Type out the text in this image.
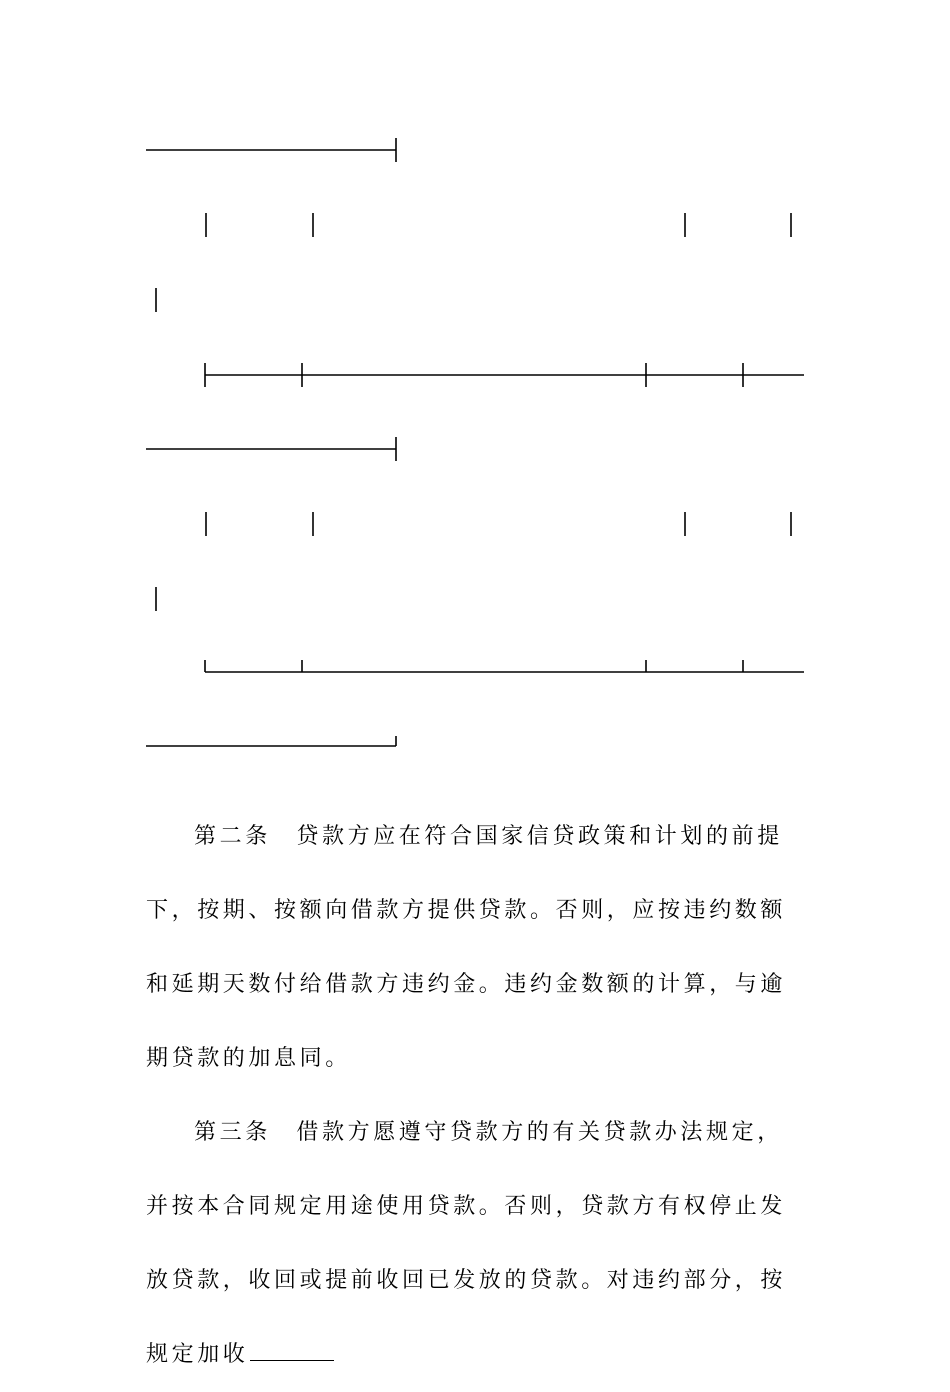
第二条　贷款方应在符合国家信贷政策和计划的前提下，按期、按额向借款方提供贷款。否则，应按违约数额和延期天数付给借款方违约金。违约金数额的计算，与逾期贷款的加息同。

第三条　借款方愿遵守贷款方的有关贷款办法规定，并按本合同规定用途使用贷款。否则，贷款方有权停止发放贷款，收回或提前收回已发放的贷款。对违约部分，按规定加收
